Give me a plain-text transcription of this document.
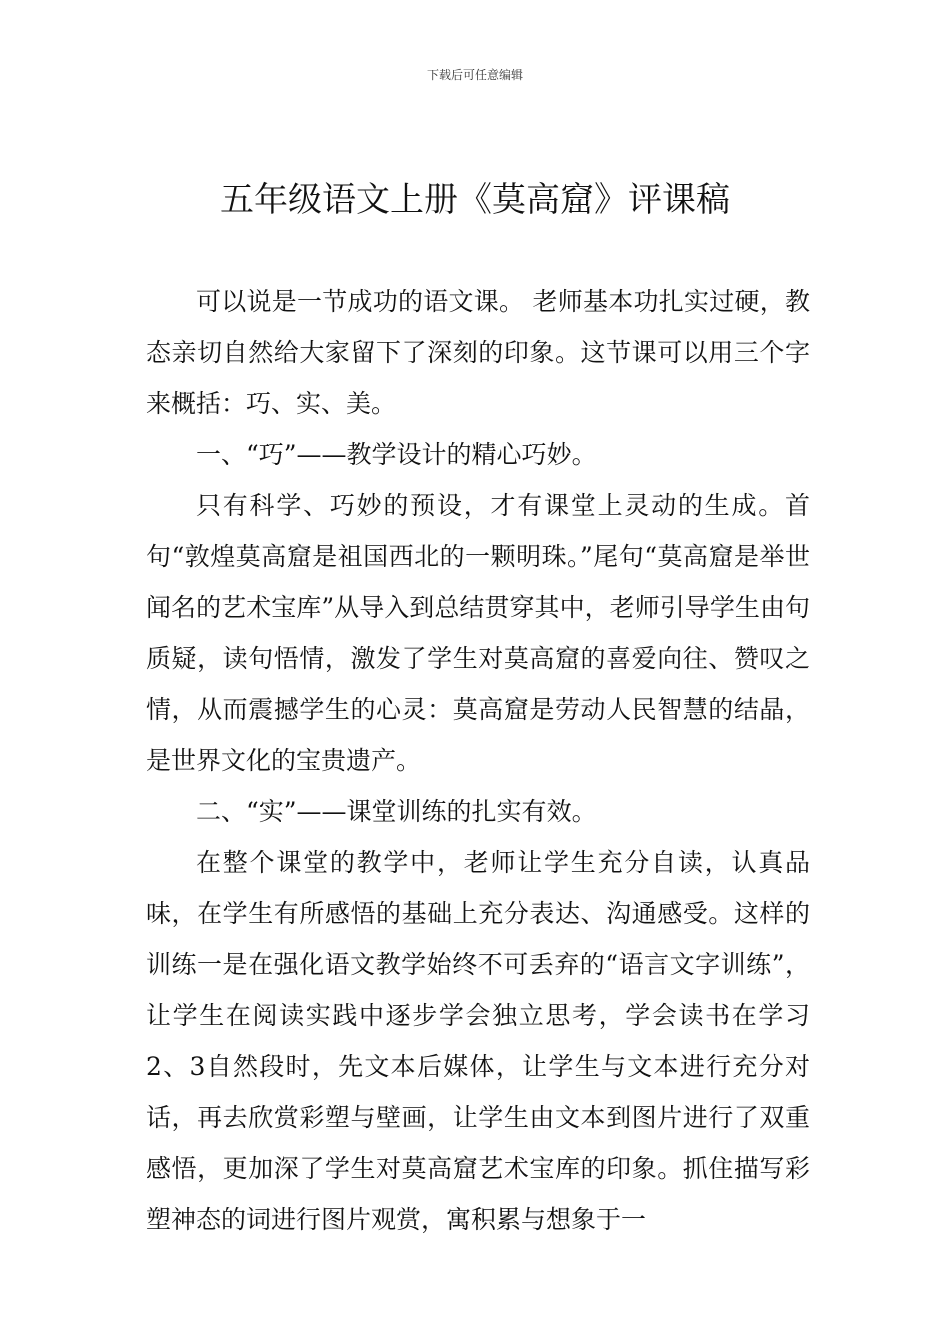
下载后可任意编辑
五年级语文上册《莫高窟》评课稿

可以说是一节成功的语文课。 老师基本功扎实过硬，教态亲切自然给大家留下了深刻的印象。这节课可以用三个字来概括：巧、实、美。

一、“巧”——教学设计的精心巧妙。

只有科学、巧妙的预设，才有课堂上灵动的生成。首句“敦煌莫高窟是祖国西北的一颗明珠。”尾句“莫高窟是举世闻名的艺术宝库”从导入到总结贯穿其中，老师引导学生由句质疑，读句悟情，激发了学生对莫高窟的喜爱向往、赞叹之情，从而震撼学生的心灵：莫高窟是劳动人民智慧的结晶，是世界文化的宝贵遗产。

二、“实”——课堂训练的扎实有效。

在整个课堂的教学中，老师让学生充分自读，认真品味，在学生有所感悟的基础上充分表达、沟通感受。这样的训练一是在强化语文教学始终不可丢弃的“语言文字训练”，让学生在阅读实践中逐步学会独立思考，学会读书在学习2、3自然段时，先文本后媒体，让学生与文本进行充分对话，再去欣赏彩塑与壁画，让学生由文本到图片进行了双重感悟，更加深了学生对莫高窟艺术宝库的印象。抓住描写彩塑神态的词进行图片观赏，寓积累与想象于一
